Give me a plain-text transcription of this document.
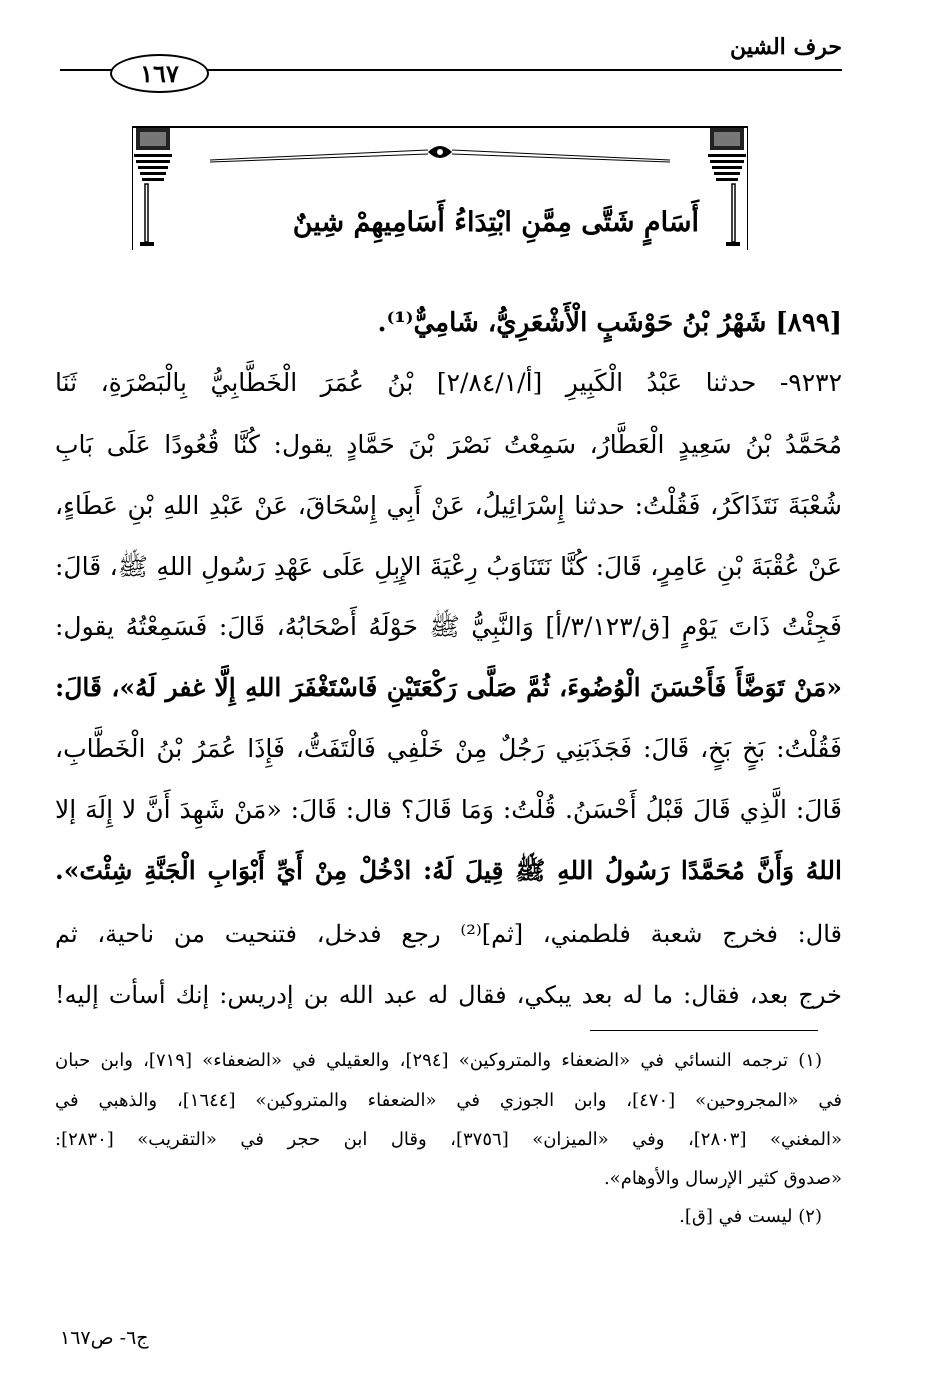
حرف الشين
١٦٧
أَسَامٍ شَتَّى مِمَّنِ ابْتِدَاءُ أَسَامِيهِمْ شِينٌ
[٨٩٩] شَهْرُ بْنُ حَوْشَبٍ الْأَشْعَرِيُّ، شَامِيٌّ⁽¹⁾.
٩٢٣٢- حدثنا عَبْدُ الْكَبِيرِ [أ/٢/٨٤/١] بْنُ عُمَرَ الْخَطَّابِيُّ بِالْبَصْرَةِ، ثَنَا
مُحَمَّدُ بْنُ سَعِيدٍ الْعَطَّارُ، سَمِعْتُ نَصْرَ بْنَ حَمَّادٍ يقول: كُنَّا قُعُودًا عَلَى بَابِ
شُعْبَةَ نَتَذَاكَرُ، فَقُلْتُ: حدثنا إِسْرَائِيلُ، عَنْ أَبِي إِسْحَاقَ، عَنْ عَبْدِ اللهِ بْنِ عَطَاءٍ،
عَنْ عُقْبَةَ بْنِ عَامِرٍ، قَالَ: كُنَّا نَتَنَاوَبُ رِعْيَةَ الإِبِلِ عَلَى عَهْدِ رَسُولِ اللهِ ﷺ، قَالَ:
فَجِئْتُ ذَاتَ يَوْمٍ [ق/٣/١٢٣/أ] وَالنَّبِيُّ ﷺ حَوْلَهُ أَصْحَابُهُ، قَالَ: فَسَمِعْتُهُ يقول:
«مَنْ تَوَضَّأَ فَأَحْسَنَ الْوُضُوءَ، ثُمَّ صَلَّى رَكْعَتَيْنِ فَاسْتَغْفَرَ اللهِ إِلَّا غفر لَهُ»، قَالَ:
فَقُلْتُ: بَخٍ بَخٍ، قَالَ: فَجَذَبَنِي رَجُلٌ مِنْ خَلْفِي فَالْتَفَتُّ، فَإِذَا عُمَرُ بْنُ الْخَطَّابِ،
قَالَ: الَّذِي قَالَ قَبْلُ أَحْسَنُ. قُلْتُ: وَمَا قَالَ؟ قال: قَالَ: «مَنْ شَهِدَ أَنَّ لا إِلَهَ إلا
اللهُ وَأَنَّ مُحَمَّدًا رَسُولُ اللهِ ﷺ قِيلَ لَهُ: ادْخُلْ مِنْ أَيِّ أَبْوَابِ الْجَنَّةِ شِئْتَ».
قال: فخرج شعبة فلطمني، [ثم]⁽²⁾ رجع فدخل، فتنحيت من ناحية، ثم
خرج بعد، فقال: ما له بعد يبكي، فقال له عبد الله بن إدريس: إنك أسأت إليه!
(١) ترجمه النسائي في «الضعفاء والمتروكين» [٢٩٤]، والعقيلي في «الضعفاء» [٧١٩]، وابن حبان
في «المجروحين» [٤٧٠]، وابن الجوزي في «الضعفاء والمتروكين» [١٦٤٤]، والذهبي في
«المغني» [٢٨٠٣]، وفي «الميزان» [٣٧٥٦]، وقال ابن حجر في «التقريب» [٢٨٣٠]:
«صدوق كثير الإرسال والأوهام».
(٢) ليست في [ق].
ج٦- ص١٦٧
